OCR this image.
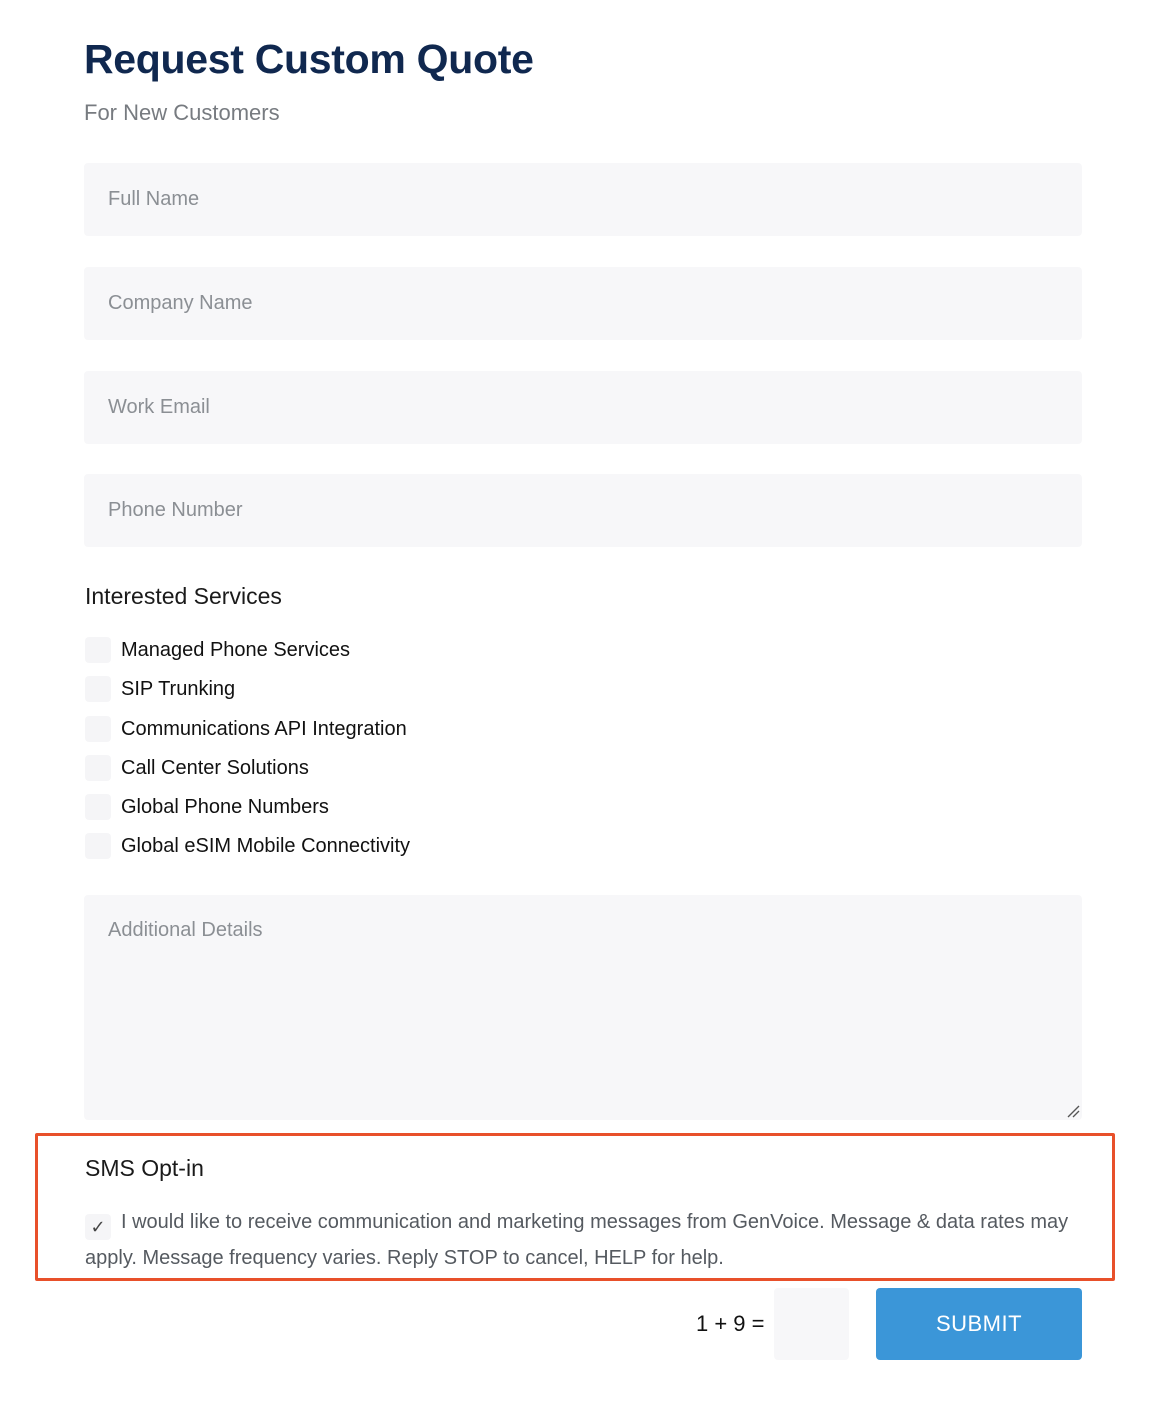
Request Custom Quote
For New Customers
Full Name
Company Name
Work Email
Phone Number
Interested Services
Managed Phone Services
SIP Trunking
Communications API Integration
Call Center Solutions
Global Phone Numbers
Global eSIM Mobile Connectivity
Additional Details
SMS Opt-in
✓ I would like to receive communication and marketing messages from GenVoice. Message & data rates may apply. Message frequency varies. Reply STOP to cancel, HELP for help.
1 + 9 =	SUBMIT
